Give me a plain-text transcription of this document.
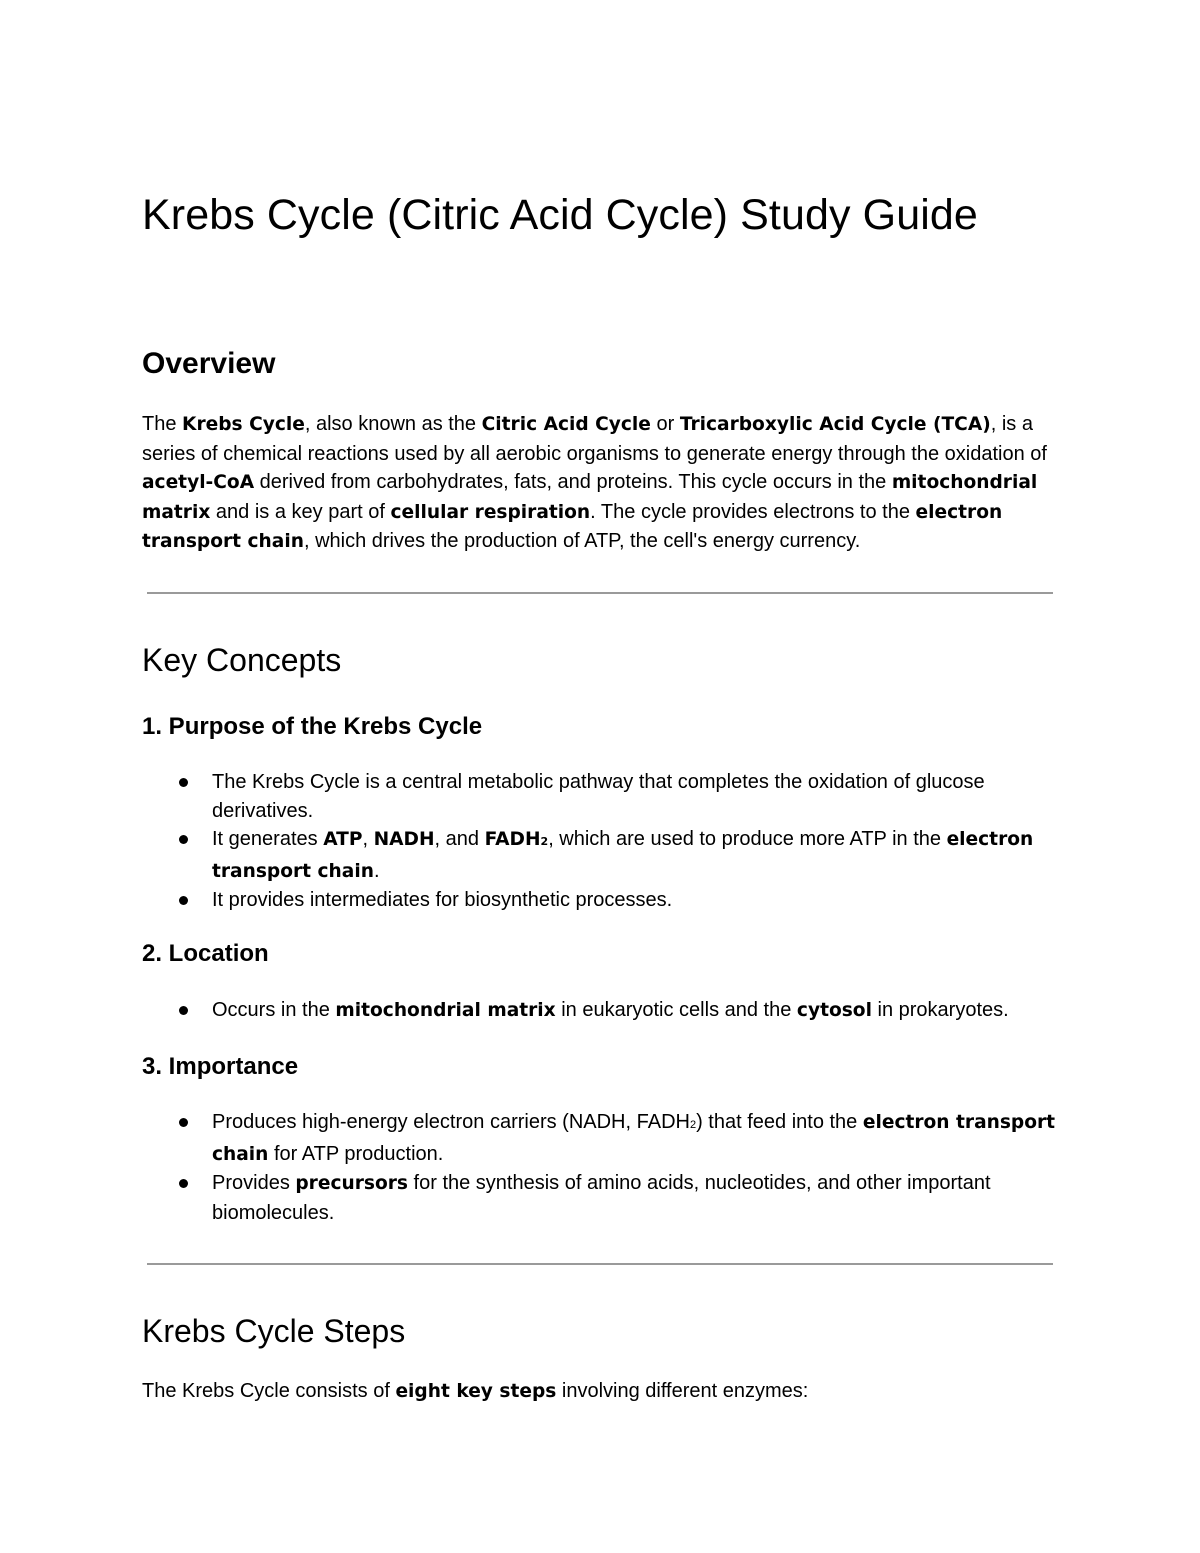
Krebs Cycle (Citric Acid Cycle) Study Guide
Overview

The Krebs Cycle, also known as the Citric Acid Cycle or Tricarboxylic Acid Cycle (TCA), is a series of chemical reactions used by all aerobic organisms to generate energy through the oxidation of acetyl-CoA derived from carbohydrates, fats, and proteins. This cycle occurs in the mitochondrial matrix and is a key part of cellular respiration. The cycle provides electrons to the electron transport chain, which drives the production of ATP, the cell's energy currency.

Key Concepts
1. Purpose of the Krebs Cycle
The Krebs Cycle is a central metabolic pathway that completes the oxidation of glucose derivatives.
It generates ATP, NADH, and FADH2, which are used to produce more ATP in the electron transport chain.
It provides intermediates for biosynthetic processes.
2. Location
Occurs in the mitochondrial matrix in eukaryotic cells and the cytosol in prokaryotes.
3. Importance
Produces high-energy electron carriers (NADH, FADH2) that feed into the electron transport chain for ATP production.
Provides precursors for the synthesis of amino acids, nucleotides, and other important biomolecules.
Krebs Cycle Steps

The Krebs Cycle consists of eight key steps involving different enzymes:
